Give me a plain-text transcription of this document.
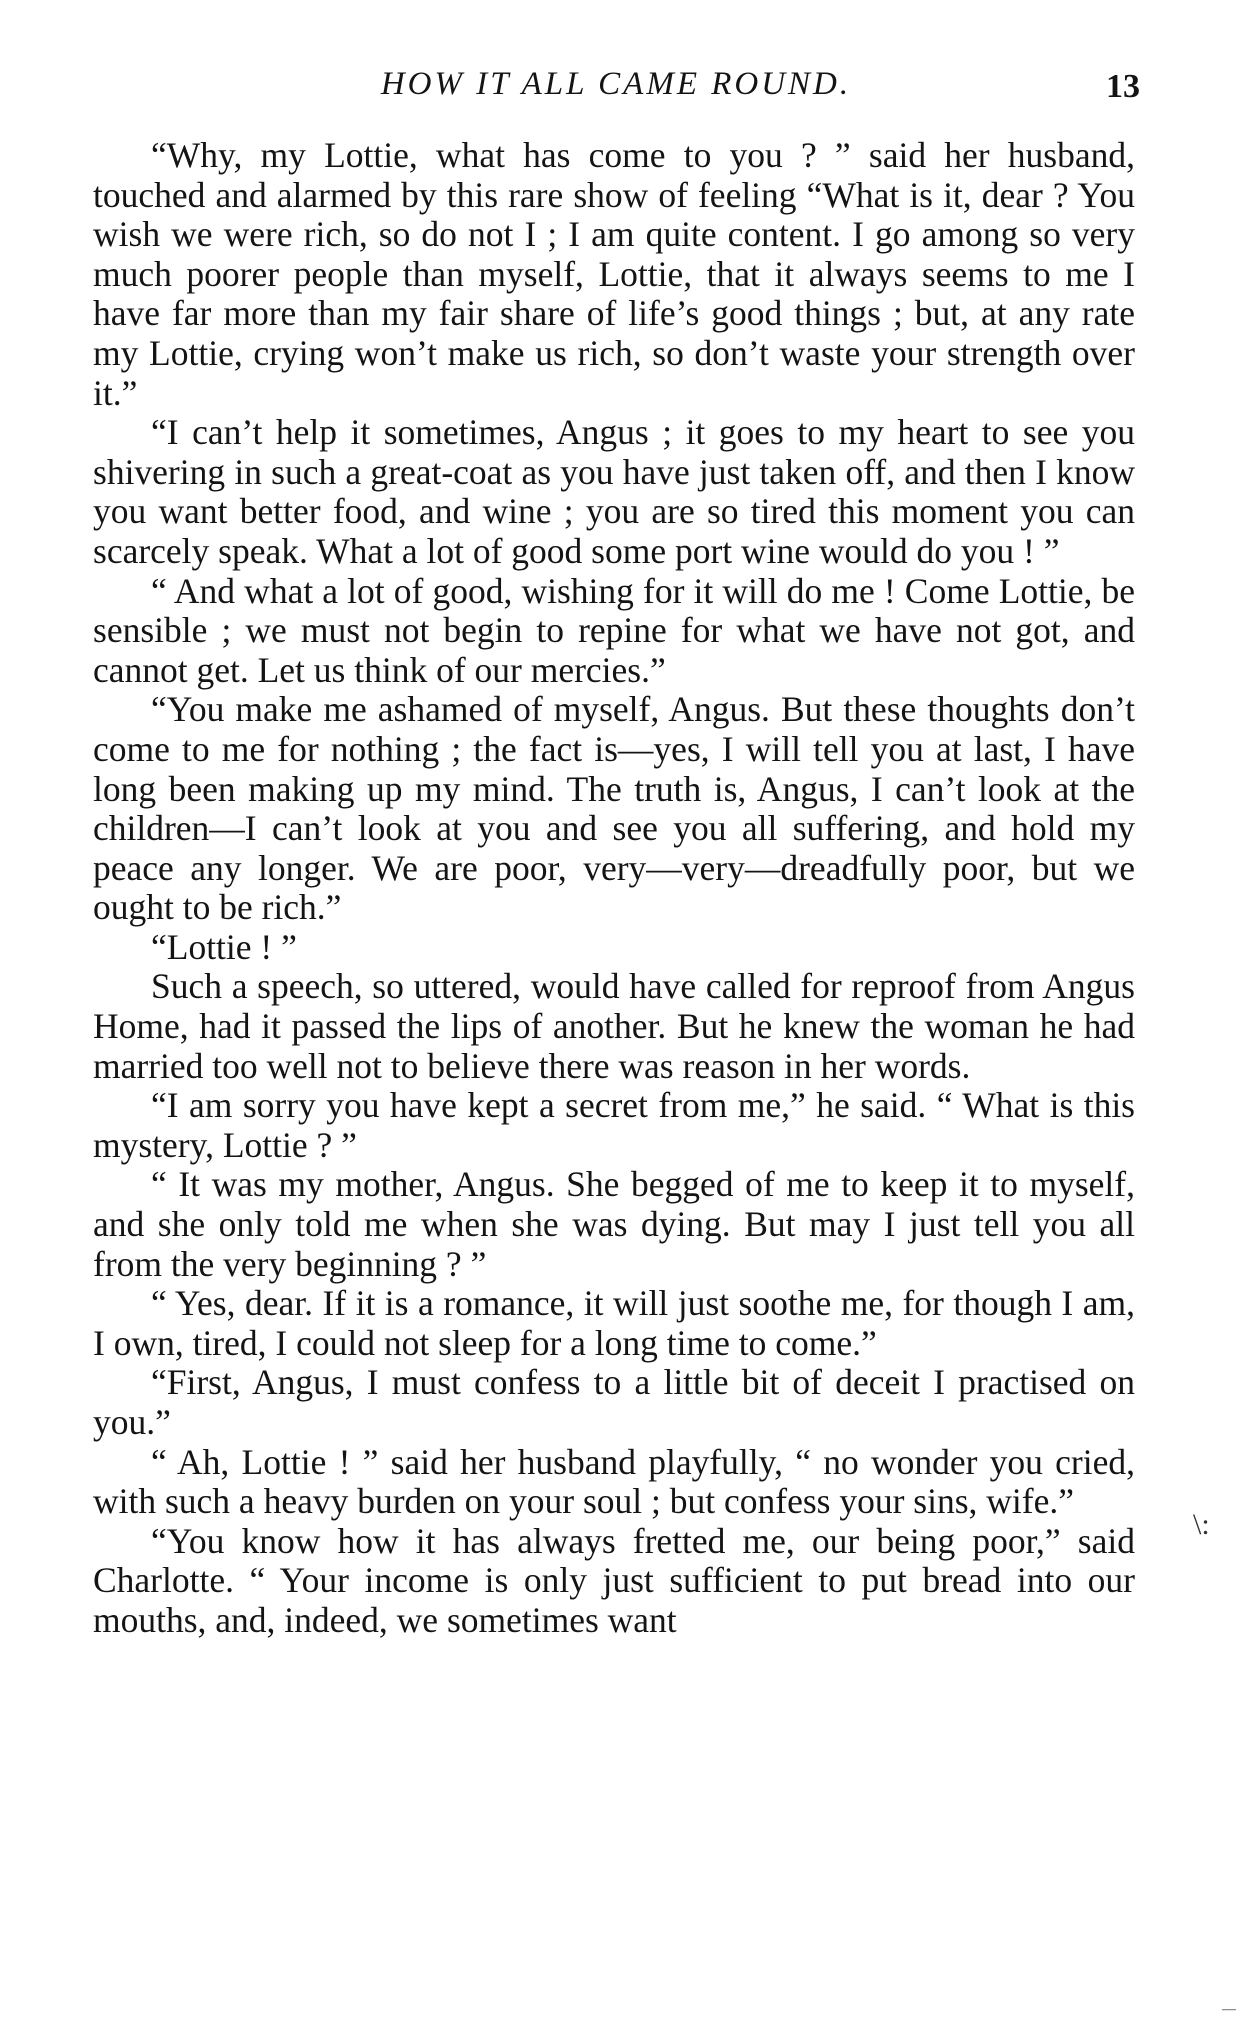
HOW IT ALL CAME ROUND.	13

“Why, my Lottie, what has come to you ? ” said her husband, touched and alarmed by this rare show of feeling “What is it, dear ? You wish we were rich, so do not I ; I am quite content. I go among so very much poorer people than myself, Lottie, that it always seems to me I have far more than my fair share of life’s good things ; but, at any rate my Lottie, crying won’t make us rich, so don’t waste your strength over it.”

“I can’t help it sometimes, Angus ; it goes to my heart to see you shivering in such a great-coat as you have just taken off, and then I know you want better food, and wine ; you are so tired this moment you can scarcely speak. What a lot of good some port wine would do you ! ”

“ And what a lot of good, wishing for it will do me ! Come Lottie, be sensible ; we must not begin to repine for what we have not got, and cannot get. Let us think of our mercies.”

“You make me ashamed of myself, Angus. But these thoughts don’t come to me for nothing ; the fact is—yes, I will tell you at last, I have long been making up my mind. The truth is, Angus, I can’t look at the children—I can’t look at you and see you all suffering, and hold my peace any longer. We are poor, very—very—dreadfully poor, but we ought to be rich.”

“Lottie ! ”

Such a speech, so uttered, would have called for reproof from Angus Home, had it passed the lips of another. But he knew the woman he had married too well not to believe there was reason in her words.

“I am sorry you have kept a secret from me,” he said. “ What is this mystery, Lottie ? ”

“ It was my mother, Angus. She begged of me to keep it to myself, and she only told me when she was dying. But may I just tell you all from the very beginning ? ”

“ Yes, dear. If it is a romance, it will just soothe me, for though I am, I own, tired, I could not sleep for a long time to come.”

“First, Angus, I must confess to a little bit of deceit I practised on you.”

“ Ah, Lottie ! ” said her husband playfully, “ no wonder you cried, with such a heavy burden on your soul ; but confess your sins, wife.”

“You know how it has always fretted me, our being poor,” said Charlotte. “ Your income is only just sufficient to put bread into our mouths, and, indeed, we sometimes want

\:
—
